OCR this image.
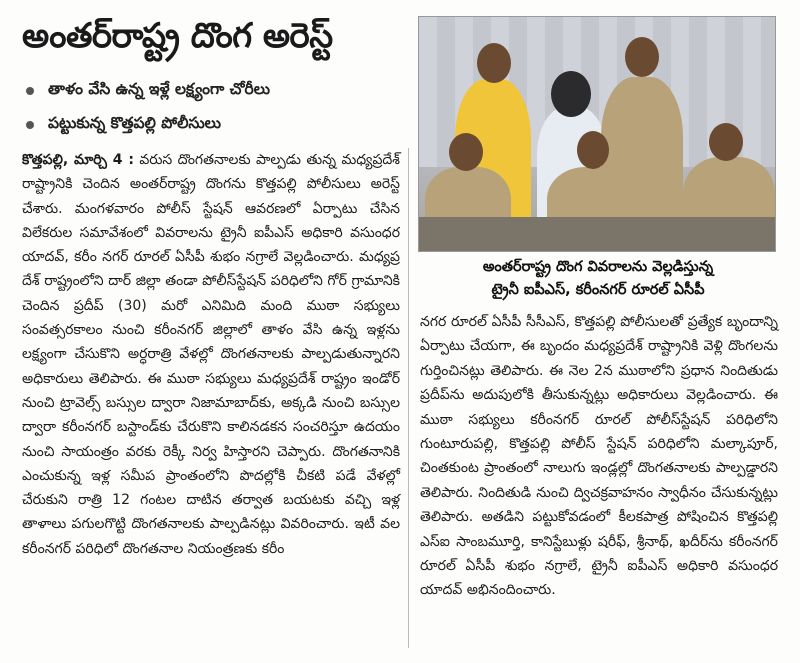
అంతర్‌రాష్ట్ర దొంగ అరెస్ట్
తాళం వేసి ఉన్న ఇళ్లే లక్ష్యంగా చోరీలు
పట్టుకున్న కొత్తపల్లి పోలీసులు
కొత్తపల్లి, మార్చి 4 : వరుస దొంగతనాలకు పాల్పడు తున్న మధ్యప్రదేశ్ రాష్ట్రానికి చెందిన అంతర్‌రాష్ట్ర దొంగను కొత్తపల్లి పోలీసులు అరెస్ట్ చేశారు. మంగళవారం పోలీస్ స్టేషన్ ఆవరణలో ఏర్పాటు చేసిన విలేకరుల సమావేశంలో వివరాలను ట్రైనీ ఐపీఎస్ అధికారి వసుంధర యాదవ్, కరీం నగర్ రూరల్ ఏసీపీ శుభం నగ్రాలే వెల్లడించారు. మధ్యప్ర దేశ్ రాష్ట్రంలోని దార్ జిల్లా తండా పోలీస్‌స్టేషన్ పరిధిలోని గోర్ గ్రామానికి చెందిన ప్రదీప్ (30) మరో ఎనిమిది మంది ముఠా సభ్యులు సంవత్సరకాలం నుంచి కరీంనగర్ జిల్లాలో తాళం వేసి ఉన్న ఇళ్లను లక్ష్యంగా చేసుకొని అర్ధరాత్రి వేళల్లో దొంగతనాలకు పాల్పడుతున్నారని అధికారులు తెలిపారు. ఈ ముఠా సభ్యులు మధ్యప్రదేశ్ రాష్ట్రం ఇండోర్ నుంచి ట్రావెల్స్ బస్సుల ద్వారా నిజామాబాద్‌కు, అక్కడి నుంచి బస్సుల ద్వారా కరీంనగర్ బస్టాండ్‌కు చేరుకొని కాలినడకన సంచరిస్తూ ఉదయం నుంచి సాయంత్రం వరకు రెక్కీ నిర్వ హిస్తారని చెప్పారు. దొంగతనానికి ఎంచుకున్న ఇళ్ల సమీప ప్రాంతంలోని పొదల్లోకి చీకటి పడే వేళల్లో చేరుకుని రాత్రి 12 గంటల దాటిన తర్వాత బయటకు వచ్చి ఇళ్ల తాళాలు పగులగొట్టి దొంగతనాలకు పాల్పడినట్లు వివరించారు. ఇటీ వల కరీంనగర్ పరిధిలో దొంగతనాల నియంత్రణకు కరీం
అంతర్‌రాష్ట్ర దొంగ వివరాలను వెల్లడిస్తున్న
ట్రైనీ ఐపీఎస్, కరీంనగర్ రూరల్ ఏసీపీ
నగర రూరల్ ఏసీపీ సీసీఎస్, కొత్తపల్లి పోలీసులతో ప్రత్యేక బృందాన్ని ఏర్పాటు చేయగా, ఈ బృందం మధ్యప్రదేశ్ రాష్ట్రానికి వెళ్లి దొంగలను గుర్తించినట్లు తెలిపారు. ఈ నెల 2న ముఠాలోని ప్రధాన నిందితుడు ప్రదీప్‌ను అదుపులోకి తీసుకున్నట్లు అధికారులు వెల్లడించారు. ఈ ముఠా సభ్యులు కరీంనగర్ రూరల్ పోలీస్‌స్టేషన్ పరిధిలోని గుంటూరుపల్లి, కొత్తపల్లి పోలీస్ స్టేషన్ పరిధిలోని మల్కాపూర్, చింతకుంట ప్రాంతంలో నాలుగు ఇండ్లల్లో దొంగతనాలకు పాల్పడ్డారని తెలిపారు. నిందితుడి నుంచి ద్విచక్రవాహనం స్వాధీనం చేసుకున్నట్లు తెలిపారు. అతడిని పట్టుకోవడంలో కీలకపాత్ర పోషించిన కొత్తపల్లి ఎస్ఐ సాంబమూర్తి, కానిస్టేబుళ్లు షరీఫ్, శ్రీనాథ్, ఖదీర్‌ను కరీంనగర్ రూరల్ ఏసీపీ శుభం నగ్రాలే, ట్రైనీ ఐపీఎస్ అధికారి వసుంధర యాదవ్ అభినందించారు.
